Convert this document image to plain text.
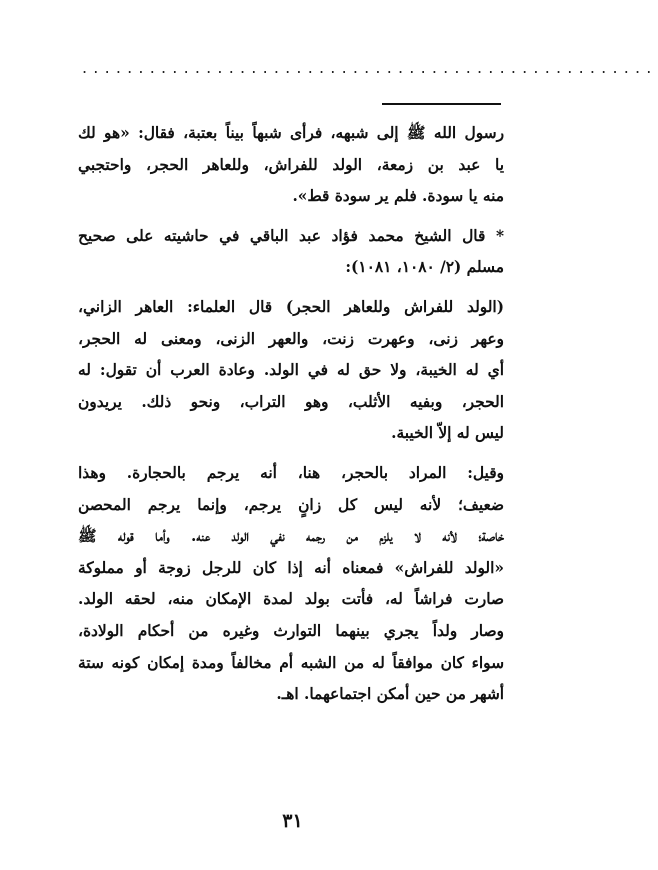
...................................................
رسول الله ﷺ إلى شبهه، فرأى شبهاً بيناً بعتبة، فقال: «هو لك
يا عبد بن زمعة، الولد للفراش، وللعاهر الحجر، واحتجبي
منه يا سودة. فلم ير سودة قط».
* قال الشيخ محمد فؤاد عبد الباقي في حاشيته على صحيح
مسلم (٢/ ١٠٨٠، ١٠٨١):
(الولد للفراش وللعاهر الحجر) قال العلماء: العاهر الزاني،
وعهر زنى، وعهرت زنت، والعهر الزنى، ومعنى له الحجر،
أي له الخيبة، ولا حق له في الولد. وعادة العرب أن تقول: له
الحجر، وبفيه الأثلب، وهو التراب، ونحو ذلك. يريدون
ليس له إلاّ الخيبة.
وقيل: المراد بالحجر، هنا، أنه يرجم بالحجارة. وهذا
ضعيف؛ لأنه ليس كل زانٍ يرجم، وإنما يرجم المحصن
خاصة؛ لأنه لا يلزم من رجمه نفي الولد عنه. وأما قوله ﷺ
«الولد للفراش» فمعناه أنه إذا كان للرجل زوجة أو مملوكة
صارت فراشاً له، فأتت بولد لمدة الإمكان منه، لحقه الولد.
وصار ولداً يجري بينهما التوارث وغيره من أحكام الولادة،
سواء كان موافقاً له من الشبه أم مخالفاً ومدة إمكان كونه ستة
أشهر من حين أمكن اجتماعهما. اهـ.
٣١
